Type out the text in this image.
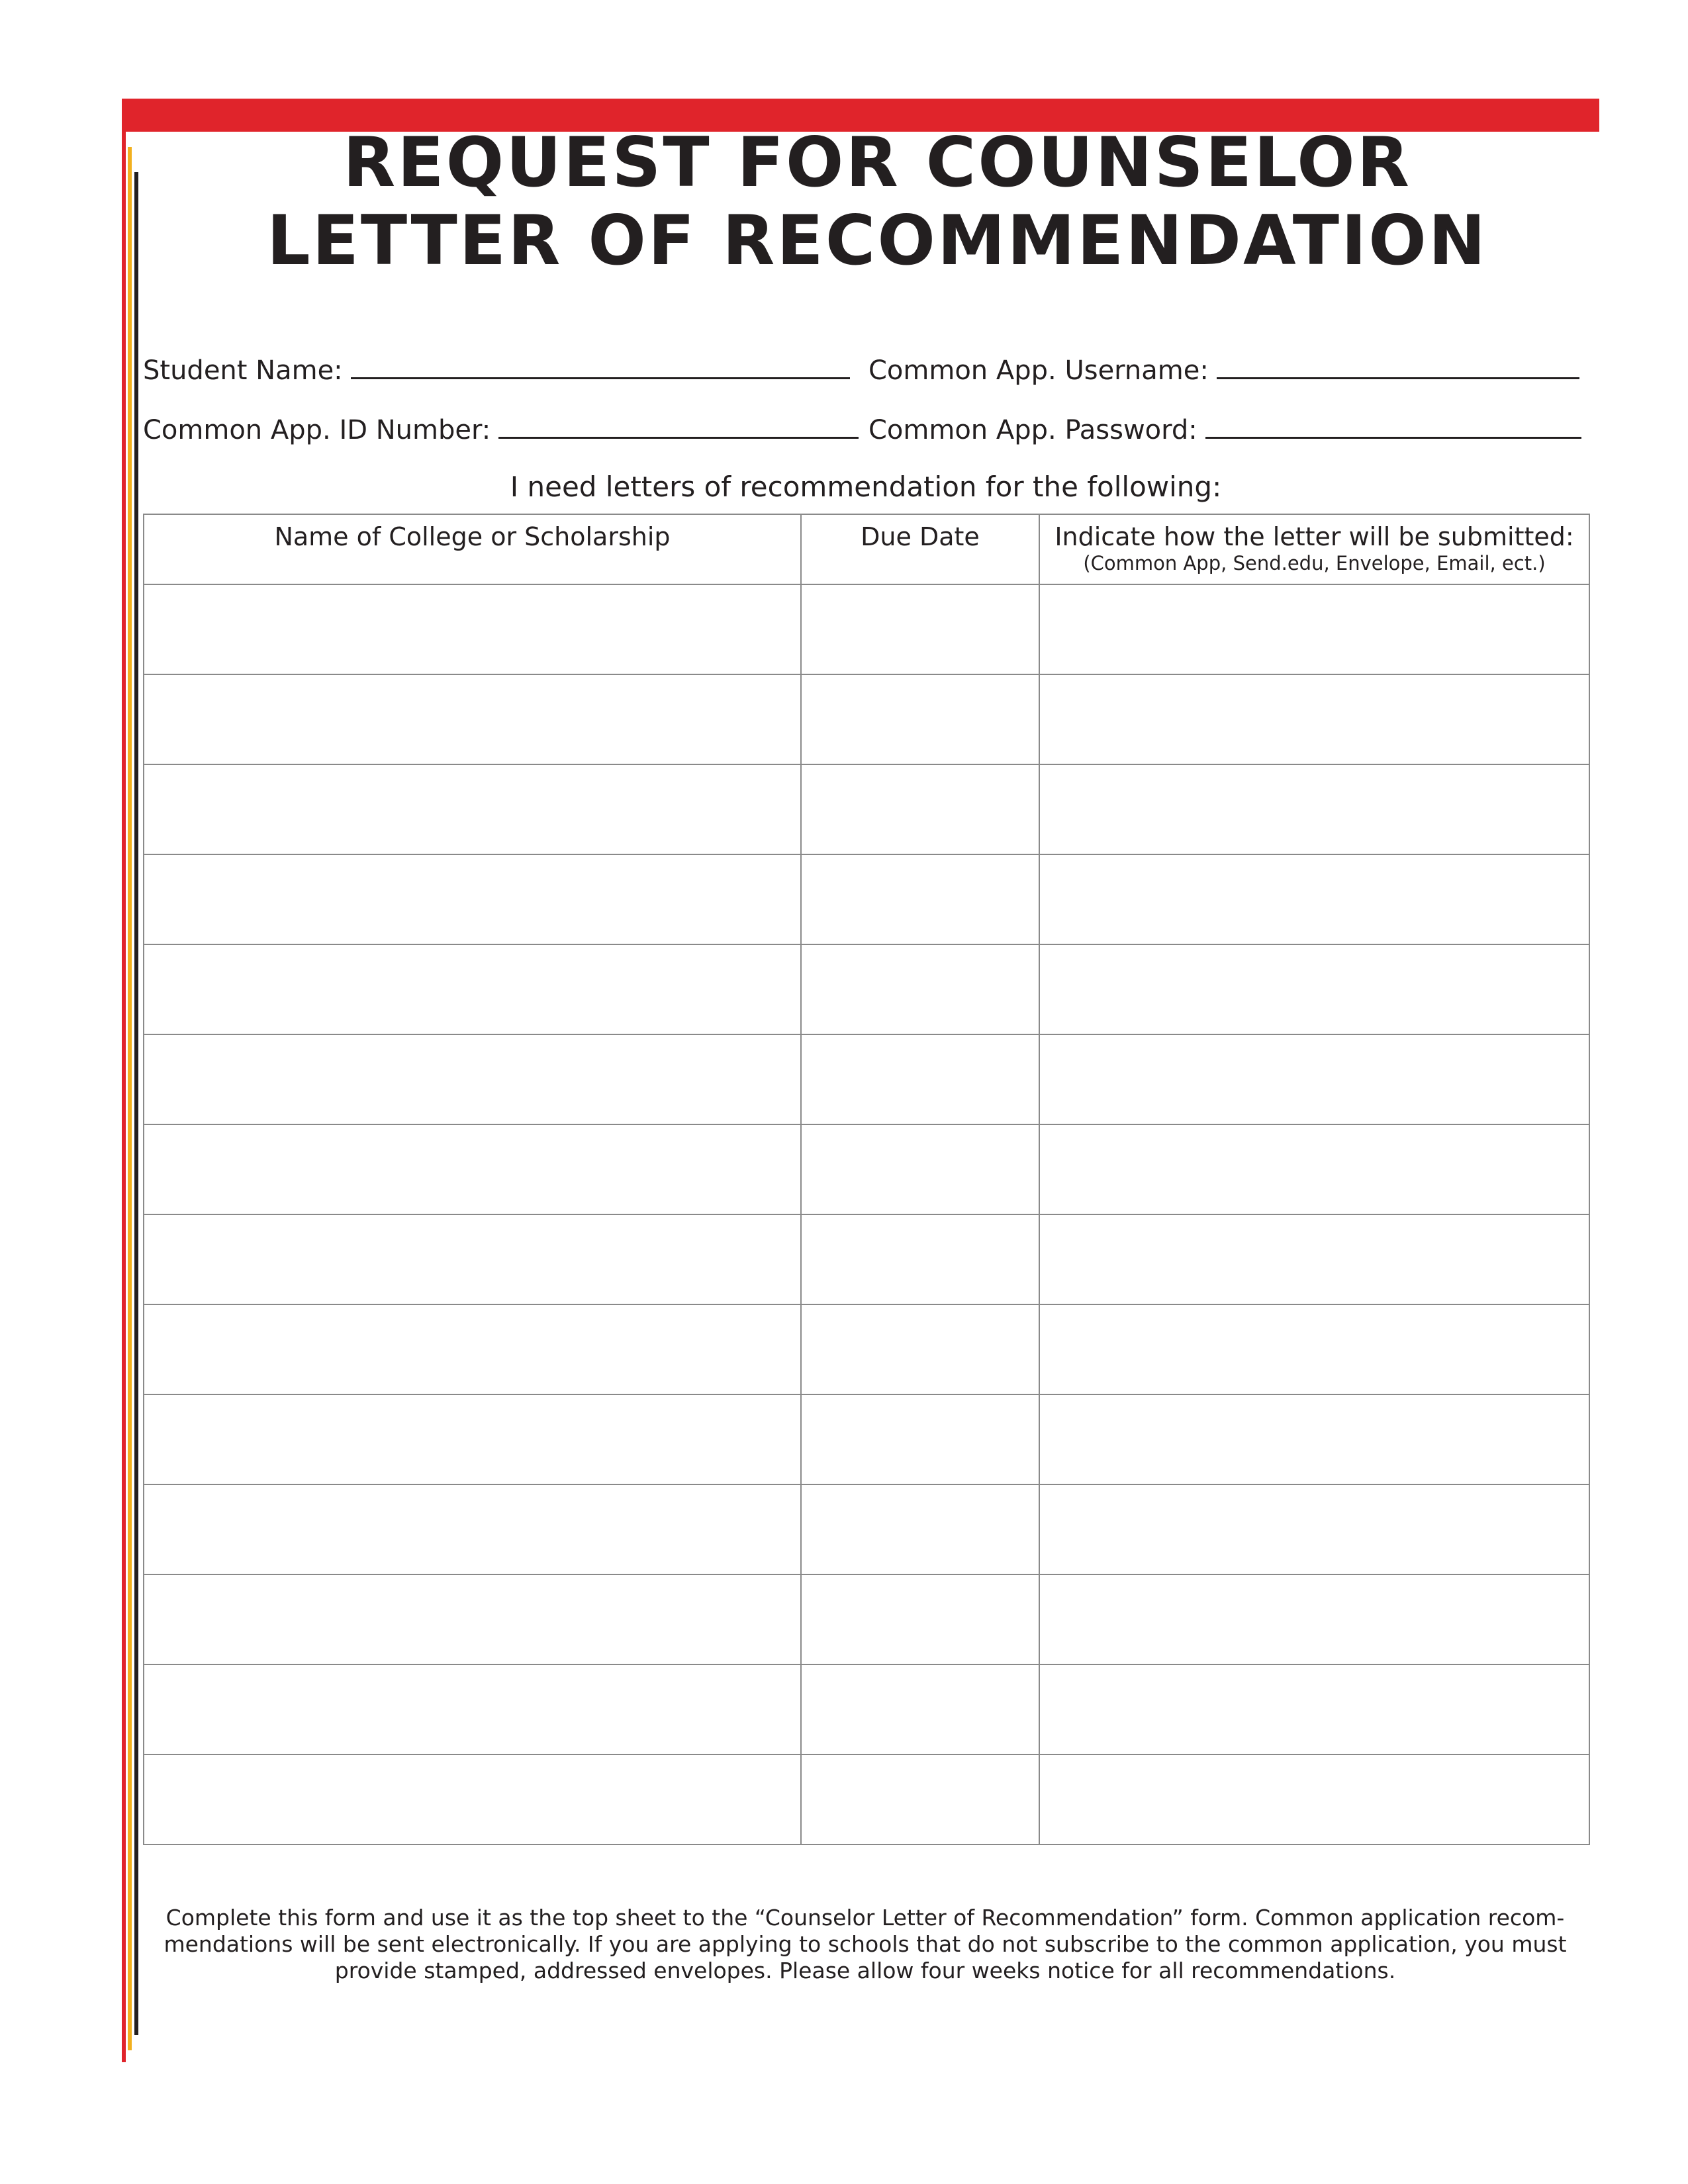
REQUEST FOR COUNSELOR
LETTER OF RECOMMENDATION
Student Name:	Common App. Username:
Common App. ID Number:	Common App. Password:
I need letters of recommendation for the following:
Name of College or Scholarship	Due Date	Indicate how the letter will be submitted:
(Common App, Send.edu, Envelope, Email, ect.)

Complete this form and use it as the top sheet to the “Counselor Letter of Recommendation” form. Common application recom-
mendations will be sent electronically. If you are applying to schools that do not subscribe to the common application, you must
provide stamped, addressed envelopes. Please allow four weeks notice for all recommendations.
